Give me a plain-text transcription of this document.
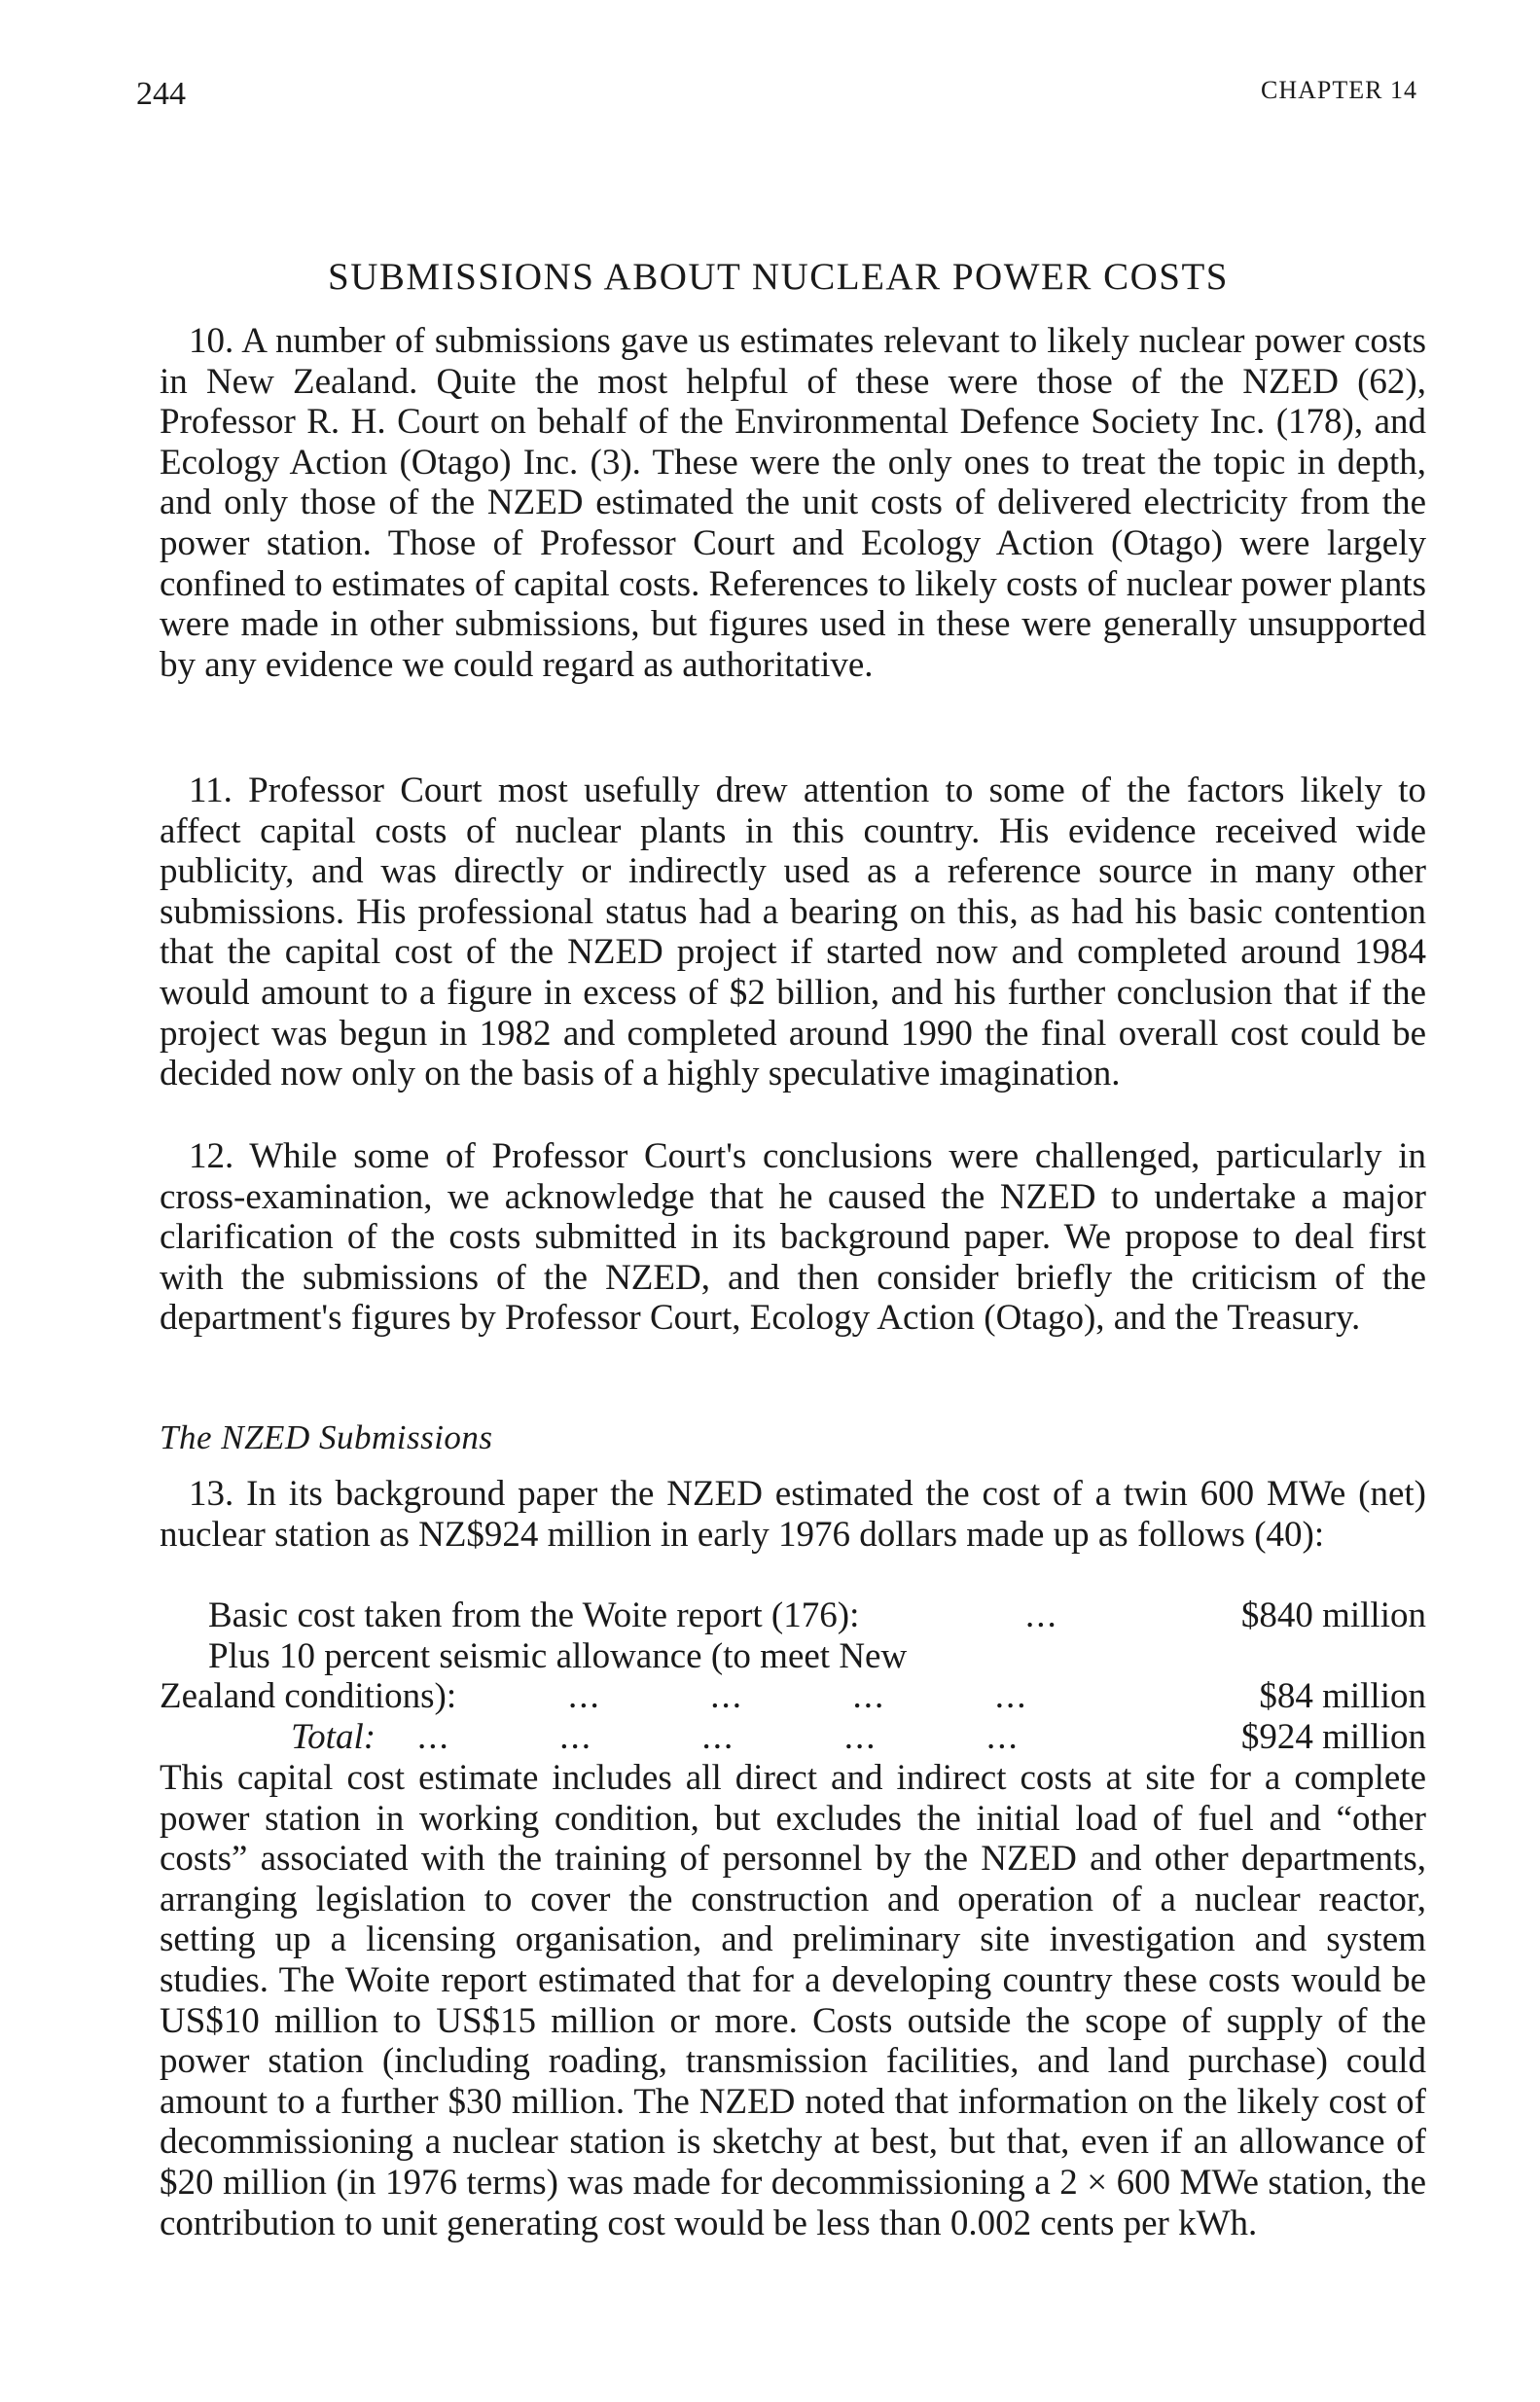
244	CHAPTER 14
SUBMISSIONS ABOUT NUCLEAR POWER COSTS

10. A number of submissions gave us estimates relevant to likely nuclear power costs in New Zealand. Quite the most helpful of these were those of the NZED (62), Professor R. H. Court on behalf of the Environmental Defence Society Inc. (178), and Ecology Action (Otago) Inc. (3). These were the only ones to treat the topic in depth, and only those of the NZED estimated the unit costs of delivered electricity from the power station. Those of Professor Court and Ecology Action (Otago) were largely confined to estimates of capital costs. References to likely costs of nuclear power plants were made in other submissions, but figures used in these were generally unsupported by any evidence we could regard as authoritative.

11. Professor Court most usefully drew attention to some of the factors likely to affect capital costs of nuclear plants in this country. His evidence received wide publicity, and was directly or indirectly used as a reference source in many other submissions. His professional status had a bearing on this, as had his basic contention that the capital cost of the NZED project if started now and completed around 1984 would amount to a figure in excess of $2 billion, and his further conclusion that if the project was begun in 1982 and completed around 1990 the final overall cost could be decided now only on the basis of a highly speculative imagination.

12. While some of Professor Court's conclusions were challenged, particularly in cross-examination, we acknowledge that he caused the NZED to undertake a major clarification of the costs submitted in its background paper. We propose to deal first with the submissions of the NZED, and then consider briefly the criticism of the department's figures by Professor Court, Ecology Action (Otago), and the Treasury.

The NZED Submissions

13. In its background paper the NZED estimated the cost of a twin 600 MWe (net) nuclear station as NZ$924 million in early 1976 dollars made up as follows (40):

Basic cost taken from the Woite report (176):	...	$840 million
Plus 10 percent seismic allowance (to meet New
Zealand conditions):	...          ...          ...          ...	$84 million
Total: ...          ...          ...          ...          ...	$924 million

This capital cost estimate includes all direct and indirect costs at site for a complete power station in working condition, but excludes the initial load of fuel and “other costs” associated with the training of personnel by the NZED and other departments, arranging legislation to cover the construction and operation of a nuclear reactor, setting up a licensing organisation, and preliminary site investigation and system studies. The Woite report estimated that for a developing country these costs would be US$10 million to US$15 million or more. Costs outside the scope of supply of the power station (including roading, transmission facilities, and land purchase) could amount to a further $30 million. The NZED noted that information on the likely cost of decommissioning a nuclear station is sketchy at best, but that, even if an allowance of $20 million (in 1976 terms) was made for decommissioning a 2 × 600 MWe station, the contribution to unit generating cost would be less than 0.002 cents per kWh.
